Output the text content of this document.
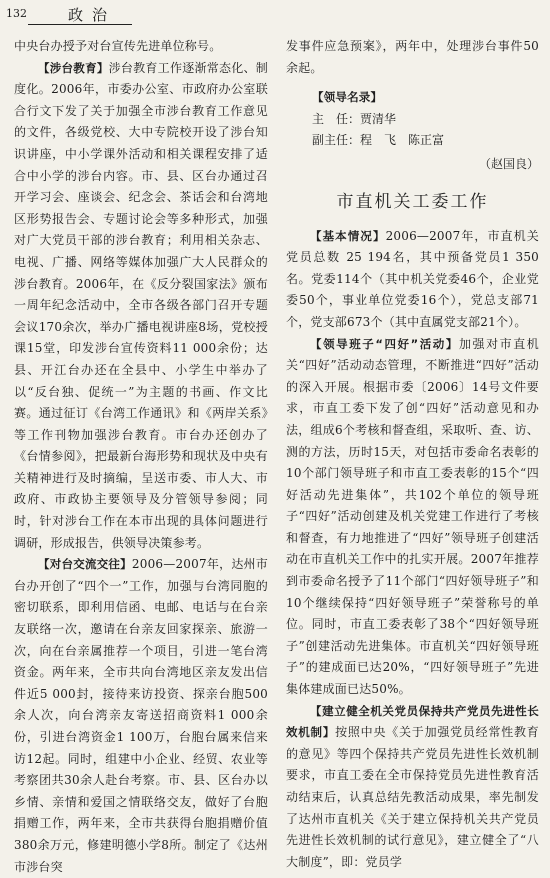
132	政治

中央台办授予对台宣传先进单位称号。

【涉台教育】涉台教育工作逐渐常态化、制度化。2006年，市委办公室、市政府办公室联合行文下发了关于加强全市涉台教育工作意见的文件，各级党校、大中专院校开设了涉台知识讲座，中小学课外活动和相关课程安排了适合中小学的涉台内容。市、县、区台办通过召开学习会、座谈会、纪念会、茶话会和台湾地区形势报告会、专题讨论会等多种形式，加强对广大党员干部的涉台教育；利用相关杂志、电视、广播、网络等媒体加强广大人民群众的涉台教育。2006年，在《反分裂国家法》颁布一周年纪念活动中，全市各级各部门召开专题会议170余次，举办广播电视讲座8场，党校授课15堂，印发涉台宣传资料11 000余份；达县、开江台办还在全县中、小学生中举办了以“反台独、促统一”为主题的书画、作文比赛。通过征订《台湾工作通讯》和《两岸关系》等工作刊物加强涉台教育。市台办还创办了《台情参阅》，把最新台海形势和现状及中央有关精神进行及时摘编，呈送市委、市人大、市政府、市政协主要领导及分管领导参阅；同时，针对涉台工作在本市出现的具体问题进行调研，形成报告，供领导决策参考。

【对台交流交往】2006—2007年，达州市台办开创了“四个一”工作，加强与台湾同胞的密切联系，即利用信函、电邮、电话与在台亲友联络一次，邀请在台亲友回家探亲、旅游一次，向在台亲属推荐一个项目，引进一笔台湾资金。两年来，全市共向台湾地区亲友发出信件近5 000封，接待来访投资、探亲台胞500余人次，向台湾亲友寄送招商资料1 000余份，引进台湾资金1 100万，台胞台属来信来访12起。同时，组建中小企业、经贸、农业等考察团共30余人赴台考察。市、县、区台办以乡情、亲情和爱国之情联络交友，做好了台胞捐赠工作，两年来，全市共获得台胞捐赠价值380余万元，修建明德小学8所。制定了《达州市涉台突

发事件应急预案》，两年中，处理涉台事件50余起。

【领导名录】

主　任：贾清华
副主任：程　飞　陈正富
（赵国良）
市直机关工委工作

【基本情况】2006—2007年，市直机关党员总数 25 194名，其中预备党员1 350名。党委114个（其中机关党委46个，企业党委50个，事业单位党委16个），党总支部71个，党支部673个（其中直属党支部21个）。

【领导班子“四好”活动】加强对市直机关“四好”活动动态管理，不断推进“四好”活动的深入开展。根据市委〔2006〕14号文件要求，市直工委下发了创“四好”活动意见和办法，组成6个考核和督查组，采取听、查、访、测的方法，历时15天，对包括市委命名表彰的10个部门领导班子和市直工委表彰的15个“四好活动先进集体”，共102个单位的领导班子“四好”活动创建及机关党建工作进行了考核和督查，有力地推进了“四好”领导班子创建活动在市直机关工作中的扎实开展。2007年推荐到市委命名授予了11个部门“四好领导班子”和10个继续保持“四好领导班子”荣誉称号的单位。同时，市直工委表彰了38个“四好领导班子”创建活动先进集体。市直机关“四好领导班子”的建成面已达20%，“四好领导班子”先进集体建成面已达50%。

【建立健全机关党员保持共产党员先进性长效机制】按照中央《关于加强党员经常性教育的意见》等四个保持共产党员先进性长效机制要求，市直工委在全市保持党员先进性教育活动结束后，认真总结先教活动成果，率先制发了达州市直机关《关于建立保持机关共产党员先进性长效机制的试行意见》，建立健全了“八大制度”，即：党员学
